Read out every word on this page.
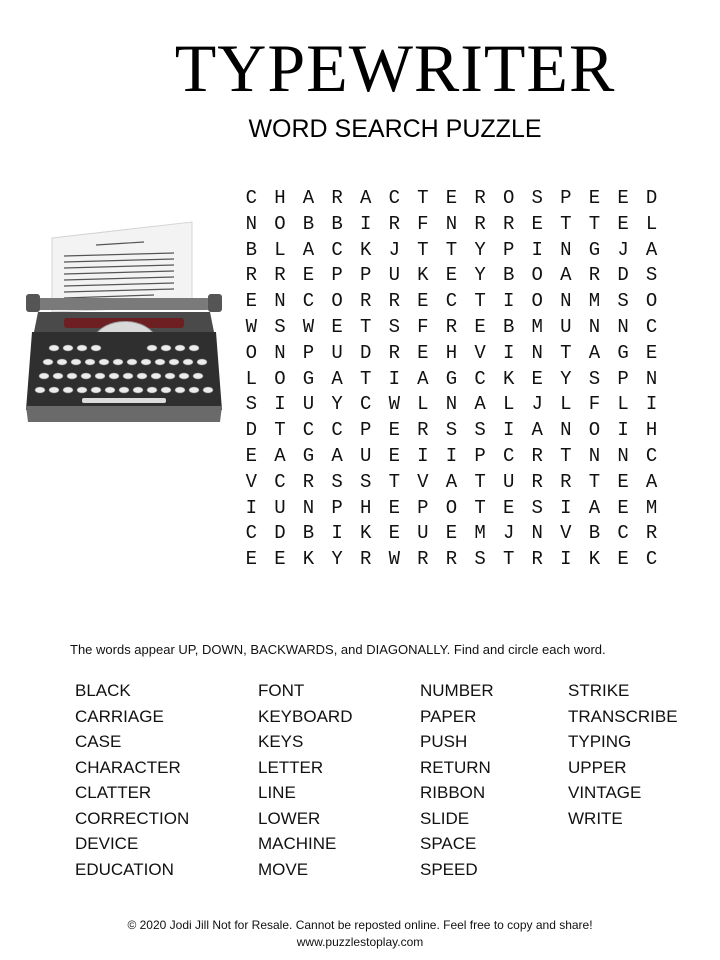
TYPEWRITER
WORD SEARCH PUZZLE
C H A R A C T E R O S P E E D
N O B B I R F N R R E T T E L
B L A C K J T T Y P I N G J A
R R E P P U K E Y B O A R D S
E N C O R R E C T I O N M S O
W S W E T S F R E B M U N N C
O N P U D R E H V I N T A G E
L O G A T I A G C K E Y S P N
S I U Y C W L N A L J L F L I
D T C C P E R S S I A N O I H
E A G A U E I I P C R T N N C
V C R S S T V A T U R R T E A
I U N P H E P O T E S I A E M
C D B I K E U E M J N V B C R
E E K Y R W R R S T R I K E C

The words appear UP, DOWN, BACKWARDS, and DIAGONALLY. Find and circle each word.

BLACK
CARRIAGE
CASE
CHARACTER
CLATTER
CORRECTION
DEVICE
EDUCATION
FONT
KEYBOARD
KEYS
LETTER
LINE
LOWER
MACHINE
MOVE
NUMBER
PAPER
PUSH
RETURN
RIBBON
SLIDE
SPACE
SPEED
STRIKE
TRANSCRIBE
TYPING
UPPER
VINTAGE
WRITE

© 2020 Jodi Jill Not for Resale. Cannot be reposted online. Feel free to copy and share!

www.puzzlestoplay.com
